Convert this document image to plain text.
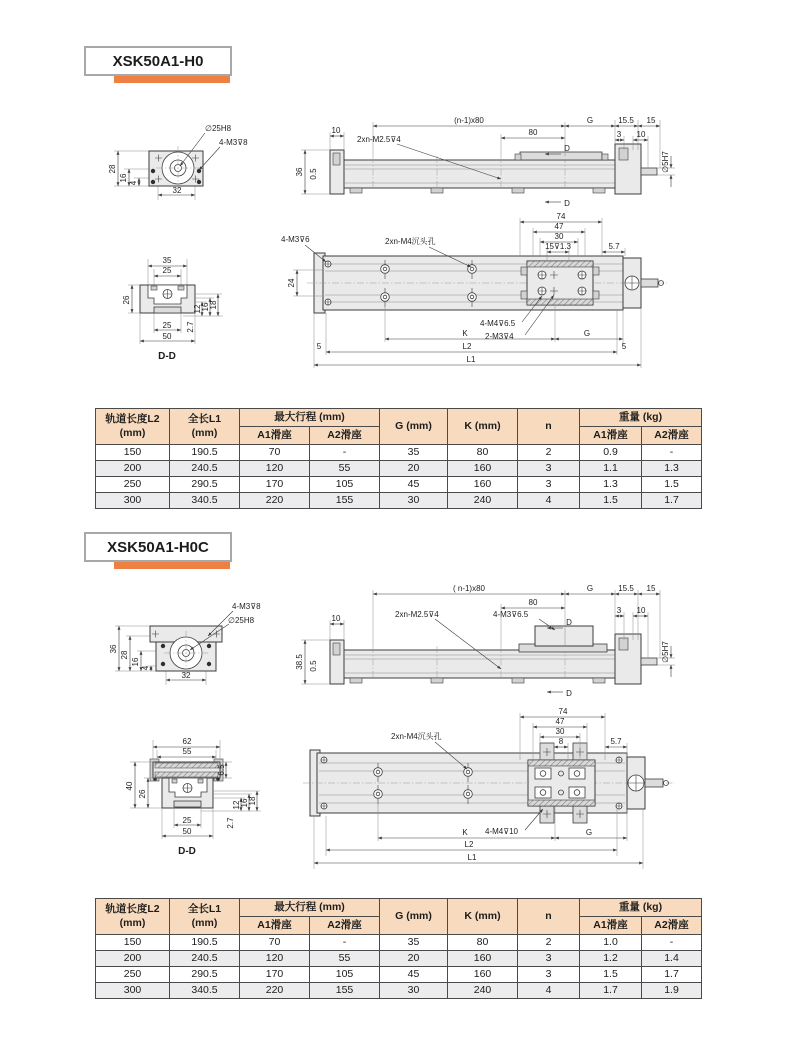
XSK50A1-H0
28
16
4
32
∅25H8
4-M3⊽8
(n-1)x80
80
G	15.5 15
3 10
2xn-M2.5⊽4
D
D
10
36 0.5
∅5H7
4-M3⊽6	2xn-M4沉头孔
74
47
30
15⊽1.3	5.7
24
4-M4⊽6.5
2-M3⊽4
K	G
L2
5	5
L1
35
25
26
12 16 18
2.7
25
50
D-D
轨道长度L2
(mm)

全长L1
(mm)
	最大行程 (mm)	G (mm)	K (mm)	n	重量 (kg)
		A1滑座	A2滑座				A1滑座	A2滑座
150	190.5	70	-	35	80	2	0.9	-
200	240.5	120	55	20	160	3	1.1	1.3
250	290.5	170	105	45	160	3	1.3	1.5
300	340.5	220	155	30	240	4	1.5	1.7
XSK50A1-H0C
36
28
16
4
32
4-M3⊽8
∅25H8
( n-1)x80
80
G	15.5 15
3 10
2xn-M2.5⊽4	4-M3⊽6.5
D
D
10
38.5 0.5
∅5H7
2xn-M4沉头孔
74
47
30
8	5.7
4-M4⊽10
K	G
L2
L1
62
55
6.5
40
26
12 16 18
2.7
25
50
D-D
轨道长度L2
(mm)

全长L1
(mm)
	最大行程 (mm)	G (mm)	K (mm)	n	重量 (kg)
		A1滑座	A2滑座				A1滑座	A2滑座
150	190.5	70	-	35	80	2	1.0	-
200	240.5	120	55	20	160	3	1.2	1.4
250	290.5	170	105	45	160	3	1.5	1.7
300	340.5	220	155	30	240	4	1.7	1.9
